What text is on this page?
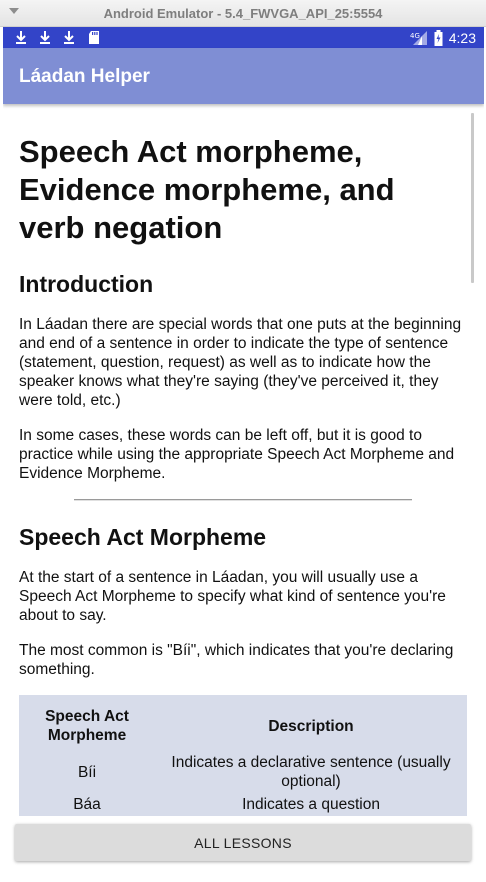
Android Emulator - 5.4_FWVGA_API_25:5554
4G 4:23
Láadan Helper
Speech Act morpheme, Evidence morpheme, and verb negation
Introduction

In Láadan there are special words that one puts at the beginning and end of a sentence in order to indicate the type of sentence (statement, question, request) as well as to indicate how the speaker knows what they're saying (they've perceived it, they were told, etc.)

In some cases, these words can be left off, but it is good to practice while using the appropriate Speech Act Morpheme and Evidence Morpheme.

Speech Act Morpheme

At the start of a sentence in Láadan, you will usually use a Speech Act Morpheme to specify what kind of sentence you're about to say.

The most common is "Bíi", which indicates that you're declaring something.

Speech Act Morpheme	Description
Bíi	Indicates a declarative sentence (usually optional)
Báa	Indicates a question
ALL LESSONS
